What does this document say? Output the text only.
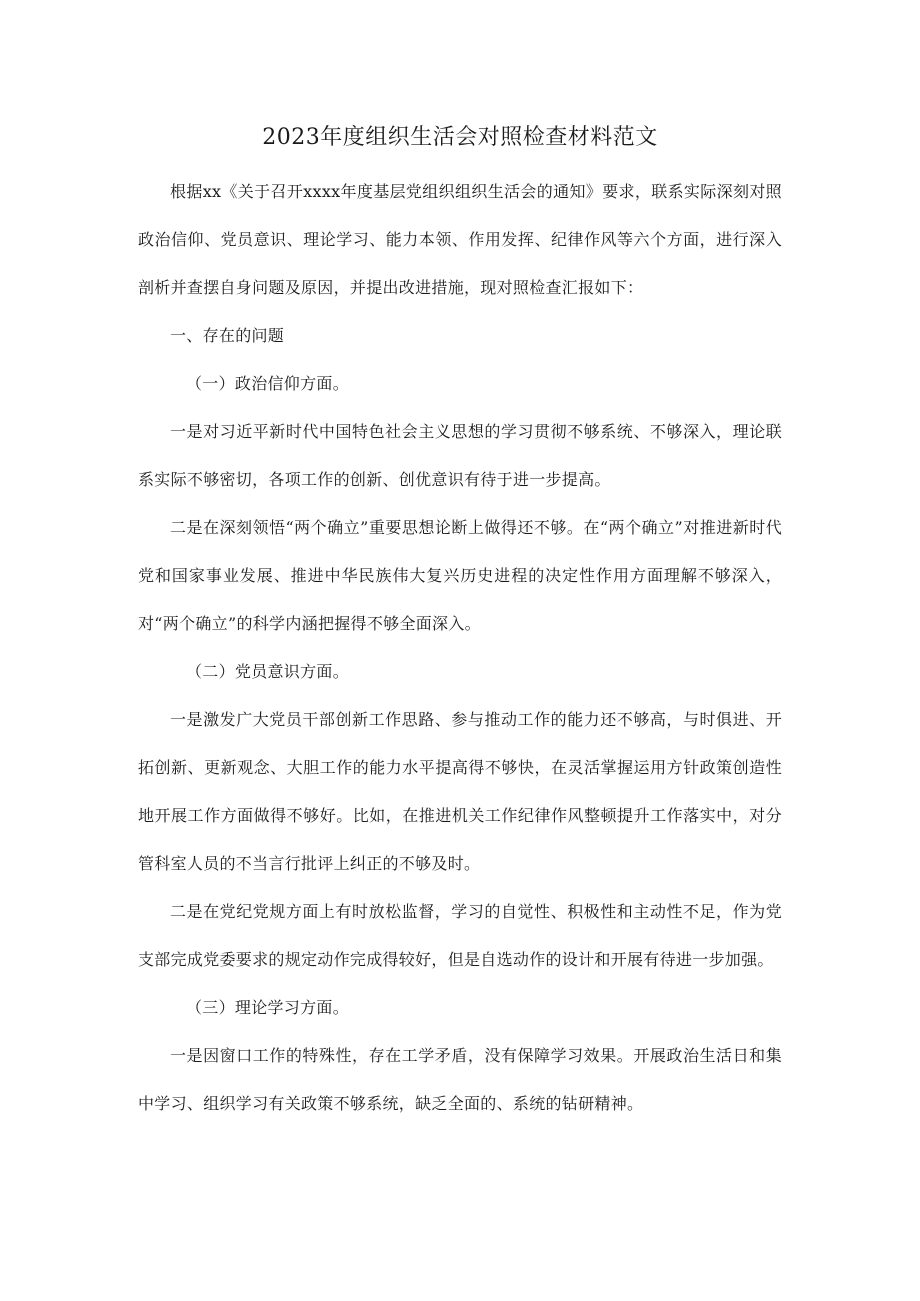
2023年度组织生活会对照检查材料范文

根据xx《关于召开xxxx年度基层党组织组织生活会的通知》要求，联系实际深刻对照政治信仰、党员意识、理论学习、能力本领、作用发挥、纪律作风等六个方面，进行深入剖析并查摆自身问题及原因，并提出改进措施，现对照检查汇报如下：

一、存在的问题

（一）政治信仰方面。

一是对习近平新时代中国特色社会主义思想的学习贯彻不够系统、不够深入，理论联系实际不够密切，各项工作的创新、创优意识有待于进一步提高。

二是在深刻领悟“两个确立”重要思想论断上做得还不够。在“两个确立”对推进新时代党和国家事业发展、推进中华民族伟大复兴历史进程的决定性作用方面理解不够深入，对“两个确立”的科学内涵把握得不够全面深入。

（二）党员意识方面。

一是激发广大党员干部创新工作思路、参与推动工作的能力还不够高，与时俱进、开拓创新、更新观念、大胆工作的能力水平提高得不够快，在灵活掌握运用方针政策创造性地开展工作方面做得不够好。比如，在推进机关工作纪律作风整顿提升工作落实中，对分管科室人员的不当言行批评上纠正的不够及时。

二是在党纪党规方面上有时放松监督，学习的自觉性、积极性和主动性不足，作为党支部完成党委要求的规定动作完成得较好，但是自选动作的设计和开展有待进一步加强。

（三）理论学习方面。

一是因窗口工作的特殊性，存在工学矛盾，没有保障学习效果。开展政治生活日和集中学习、组织学习有关政策不够系统，缺乏全面的、系统的钻研精神。
